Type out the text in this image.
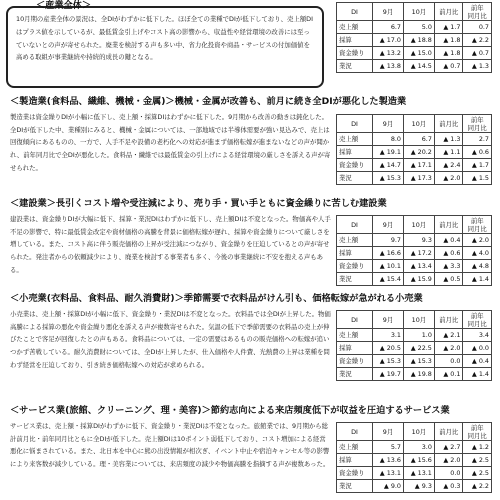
＜産業全体＞
10月期の産業全体の景況は、全DIがわずかに低下した。ほぼ全ての業種でDIが低下しており、売上額DIはプラス値を示しているが、最低賃金引上げやコスト高の影響から、収益性や経営環境の改善には至っていないとの声が寄せられた。廃業を検討する声も多い中、省力化投資や商品・サービスの付加価値を高める取組が事業継続や持続的成長の鍵となる。
DI	9月	10月	前月比	前年
同月比
売上額	6.7	5.0	▲ 1.7	0.7
採算	▲ 17.0	▲ 18.8	▲ 1.8	▲ 2.2
資金繰り	▲ 13.2	▲ 15.0	▲ 1.8	▲ 0.7
業況	▲ 13.8	▲ 14.5	▲ 0.7	▲ 1.3
＜製造業(食料品、繊維、機械・金属)＞機械・金属が改善も、前月に続き全DIが悪化した製造業
製造業は資金繰りDIが小幅に低下し、売上額・採算DIはわずかに低下した。9月期から改善の動きは鈍化した。全DIが低下した中、業種別にみると、機械・金属については、一部地域では半導体需要が強い見込みで、売上は回復傾向にあるものの、一方で、人手不足や設備の老朽化への対応が進まず価格転嫁が進まないなどの声が聞かれ、前年同月比で全DIが悪化した。食料品・繊維では最低賃金の引上げによる経営環境の厳しさを訴える声が寄せられた。
DI	9月	10月	前月比	前年
同月比
売上額	8.0	6.7	▲ 1.3	2.7
採算	▲ 19.1	▲ 20.2	▲ 1.1	▲ 0.6
資金繰り	▲ 14.7	▲ 17.1	▲ 2.4	▲ 1.7
業況	▲ 15.3	▲ 17.3	▲ 2.0	▲ 1.5
＜建設業＞長引くコスト増や受注減により、売り手・買い手ともに資金繰りに苦しむ建設業
建設業は、資金繰りDIが大幅に低下、採算・業況DIはわずかに低下し、売上額DIは不変となった。物価高や人手不足の影響で、特に最低賃金改定や資材価格の高騰を背景に価格転嫁が遅れ、採算や資金繰りについて厳しさを増している。また、コスト高に伴う販売価格の上昇が受注減につながり、資金繰りを圧迫しているとの声が寄せられた。発注者からの依頼減少により、廃業を検討する事業者も多く、今後の事業継続に不安を抱える声もある。
DI	9月	10月	前月比	前年
同月比
売上額	9.7	9.3	▲ 0.4	▲ 2.0
採算	▲ 16.6	▲ 17.2	▲ 0.6	▲ 4.0
資金繰り	▲ 10.1	▲ 13.4	▲ 3.3	▲ 4.8
業況	▲ 15.4	▲ 15.9	▲ 0.5	▲ 1.4
＜小売業(衣料品、食料品、耐久消費財)＞季節需要で衣料品がけん引も、価格転嫁が急がれる小売業
小売業は、売上額・採算DIが小幅に低下、資金繰り・業況DIは不変となった。衣料品では全DIが上昇した。物価高騰による採算の悪化や資金繰り悪化を訴える声が複数寄せられた。気温の低下で季節需要の衣料品の売上が伸びたことで客足が回復したとの声もある。食料品については、一定の需要はあるものの販売価格への転嫁が追いつかず苦戦している。耐久消費財については、全DIが上昇したが、仕入価格や人件費、光熱費の上昇は業種を問わず経営を圧迫しており、引き続き価格転嫁への対応が求められる。
DI	9月	10月	前月比	前年
同月比
売上額	3.1	1.0	▲ 2.1	3.4
採算	▲ 20.5	▲ 22.5	▲ 2.0	▲ 0.0
資金繰り	▲ 15.3	▲ 15.3	0.0	▲ 0.4
業況	▲ 19.7	▲ 19.8	▲ 0.1	▲ 1.4
＜サービス業(旅館、クリーニング、理・美容)＞節約志向による来店頻度低下が収益を圧迫するサービス業
サービス業は、売上額・採算DIがわずかに低下、資金繰り・業況DIは不変となった。旅館業では、9月期から総計前月比・前年同月比ともに全DIが低下した。売上額DIは10ポイント弱低下しており、コスト増加による経営悪化に悩まされている。また、北日本を中心に熊の出没情報が相次ぎ、イベント中止や宿泊キャンセル等の影響により来客数が減少している。理・美容業については、来店頻度の減少や物価高騰を指摘する声が複数あった。
DI	9月	10月	前月比	前年
同月比
売上額	5.7	3.0	▲ 2.7	▲ 1.2
採算	▲ 13.6	▲ 15.6	▲ 2.0	▲ 2.5
資金繰り	▲ 13.1	▲ 13.1	0.0	▲ 2.5
業況	▲ 9.0	▲ 9.3	▲ 0.3	▲ 2.2
